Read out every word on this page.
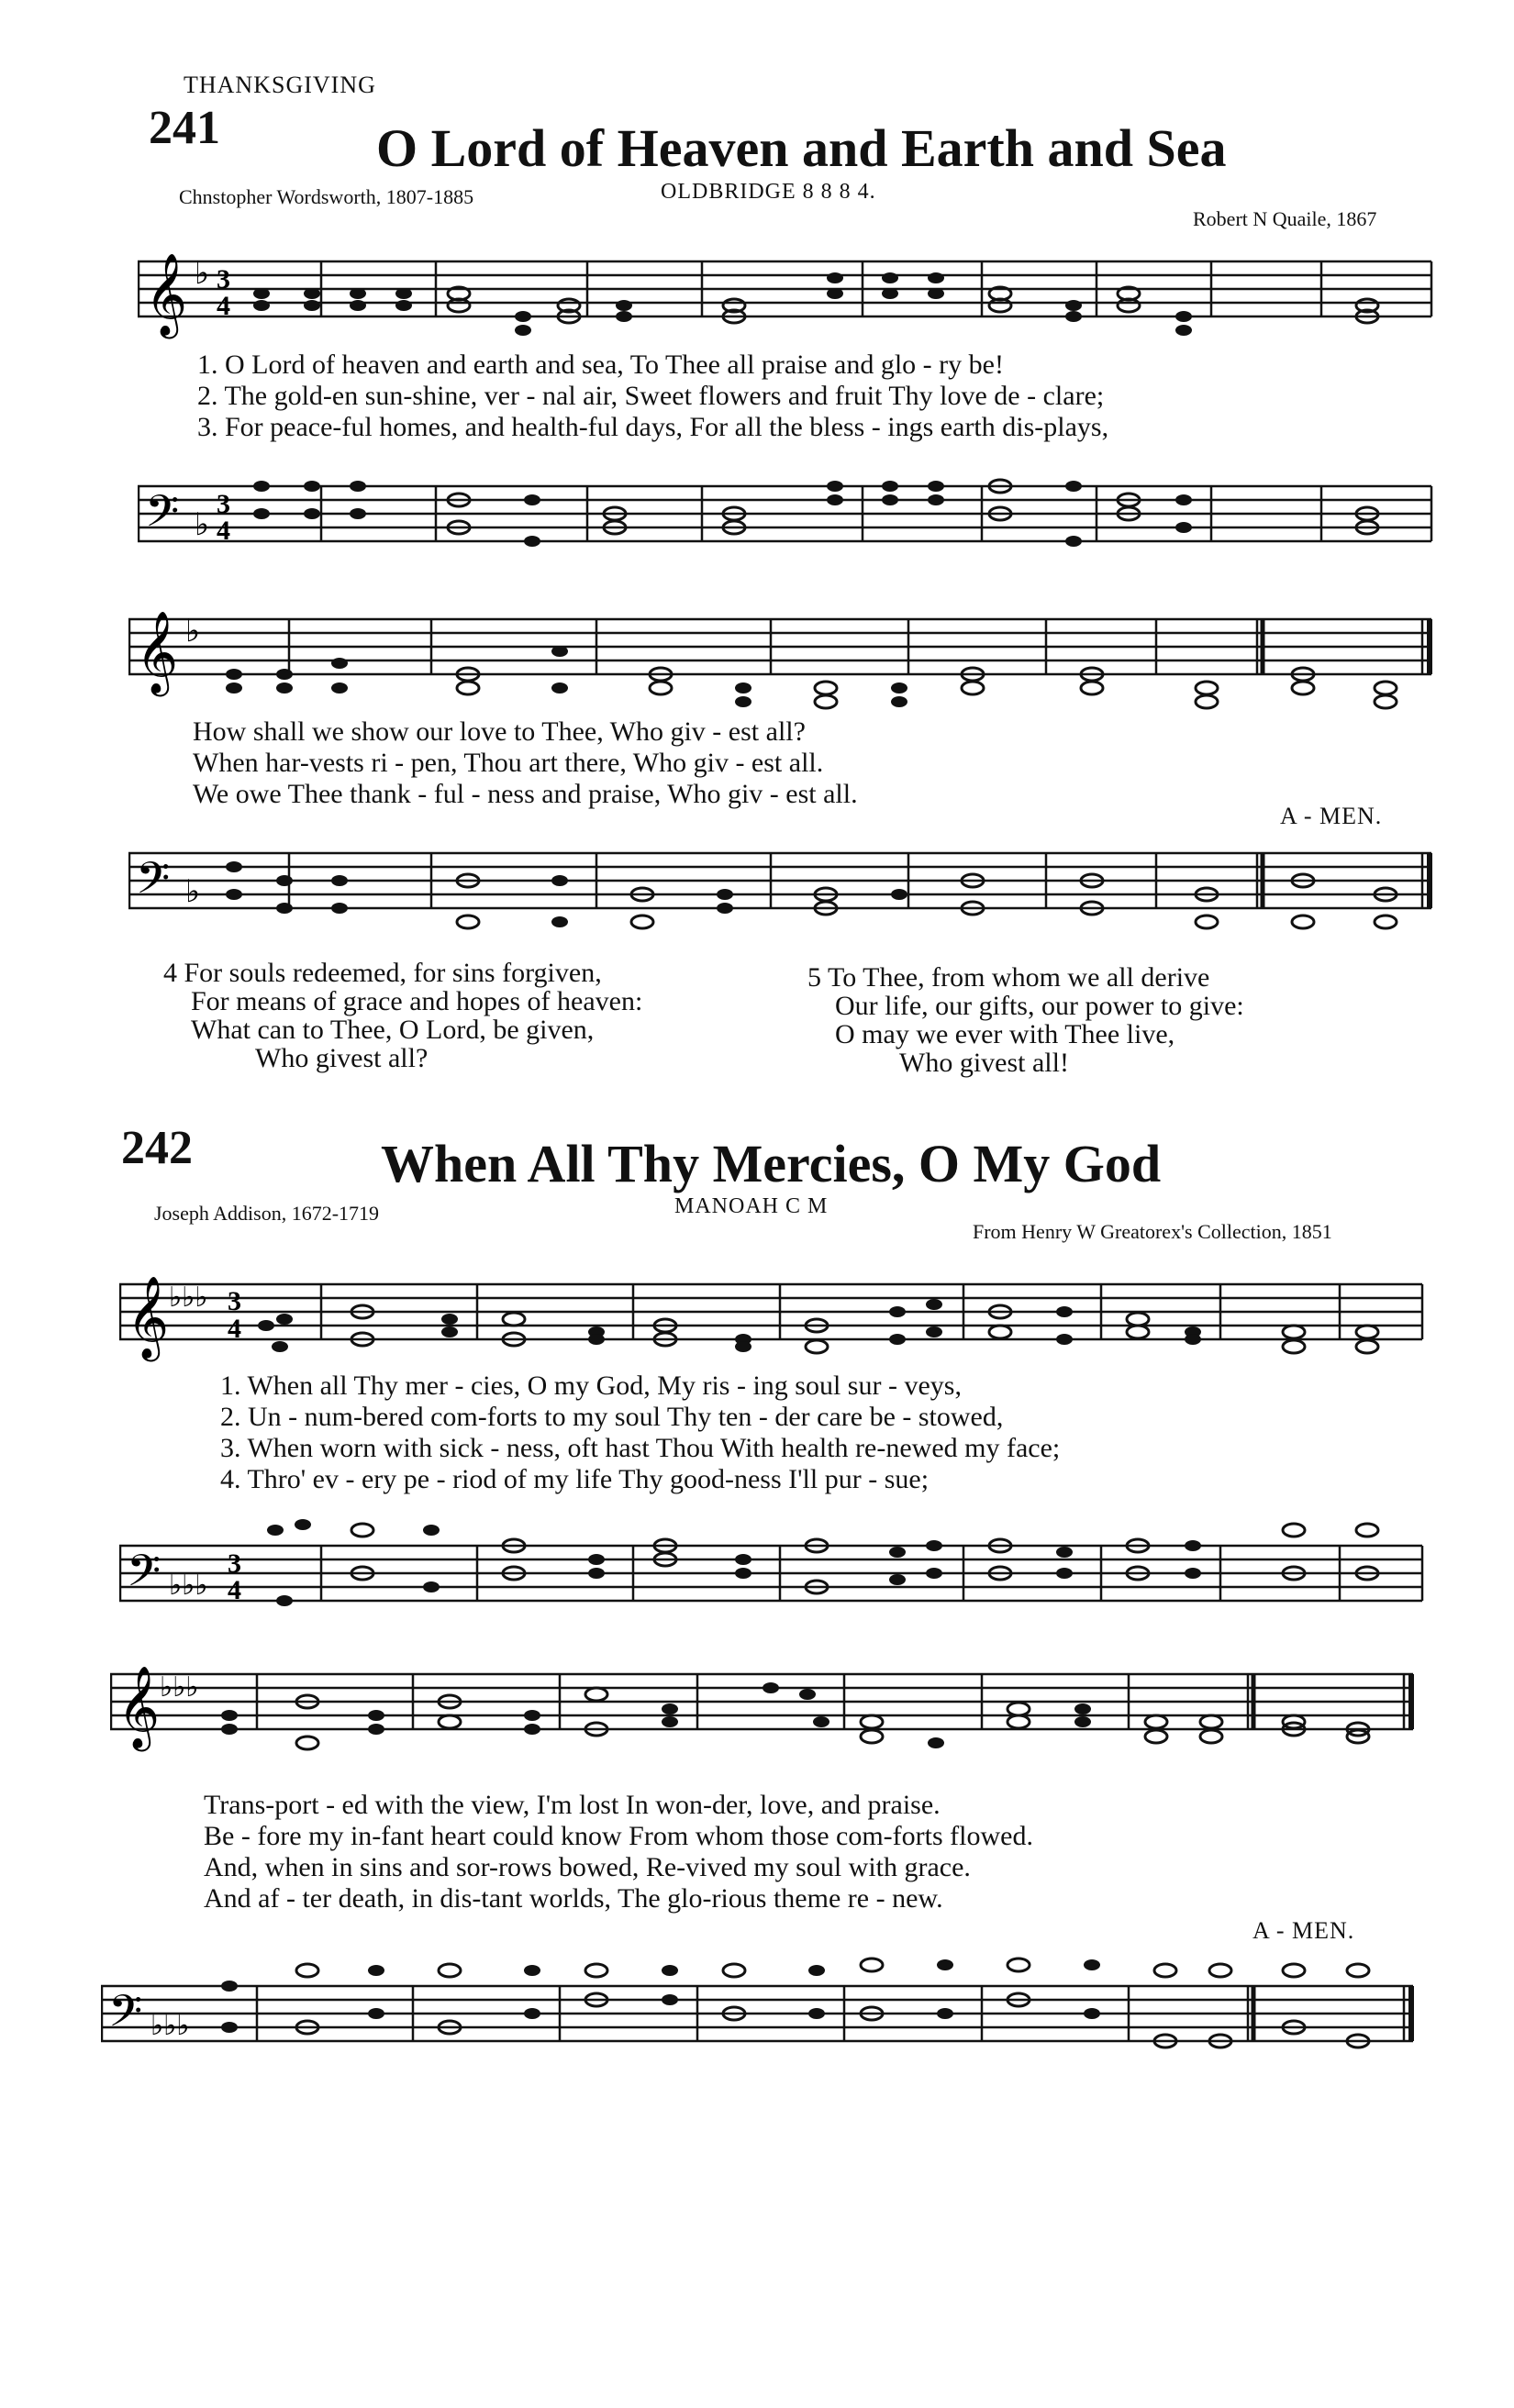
THANKSGIVING
241	O Lord of Heaven and Earth and Sea
Chnstopher Wordsworth, 1807-1885	OLDBRIDGE 8 8 8 4.
Robert N Quaile, 1867
𝄞 ♭ 3
4
1. O Lord of heaven and earth and sea, To Thee all praise and glo - ry be!
2. The gold-en sun-shine, ver - nal air, Sweet flowers and fruit Thy love de - clare;
3. For peace-ful homes, and health-ful days, For all the bless - ings earth dis-plays,
𝄢 ♭
3
4
𝄞 ♭
How shall we show our love to Thee, Who giv - est all?
When har-vests ri - pen, Thou art there, Who giv - est all.
We owe Thee thank - ful - ness and praise, Who giv - est all.
A - MEN.
𝄢 ♭
4 For souls redeemed, for sins forgiven,
For means of grace and hopes of heaven:
What can to Thee, O Lord, be given,
Who givest all?
5 To Thee, from whom we all derive
Our life, our gifts, our power to give:
O may we ever with Thee live,
Who givest all!
242	When All Thy Mercies, O My God
Joseph Addison, 1672-1719	MANOAH C M
From Henry W Greatorex's Collection, 1851
𝄞 ♭♭♭ 3
4
1. When all Thy mer - cies, O my God, My ris - ing soul sur - veys,
2. Un - num-bered com-forts to my soul Thy ten - der care be - stowed,
3. When worn with sick - ness, oft hast Thou With health re-newed my face;
4. Thro' ev - ery pe - riod of my life Thy good-ness I'll pur - sue;
𝄢 ♭♭♭
3
4
𝄞 ♭♭♭
Trans-port - ed with the view, I'm lost In won-der, love, and praise.
Be - fore my in-fant heart could know From whom those com-forts flowed.
And, when in sins and sor-rows bowed, Re-vived my soul with grace.
And af - ter death, in dis-tant worlds, The glo-rious theme re - new.
A - MEN.
𝄢 ♭♭♭
